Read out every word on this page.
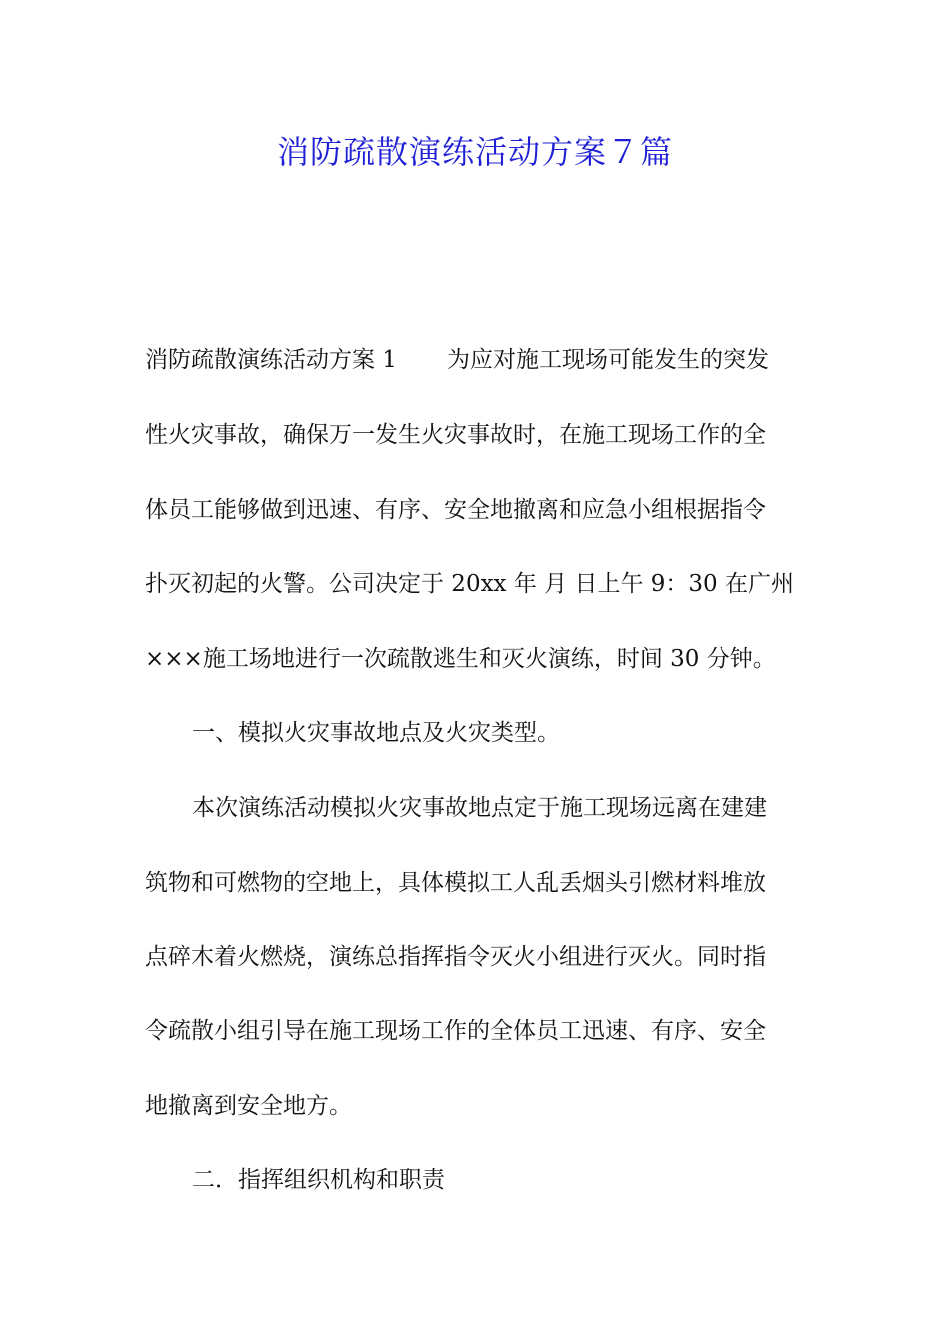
消防疏散演练活动方案７篇
消防疏散演练活动方案 1 为应对施工现场可能发生的突发
性火灾事故，确保万一发生火灾事故时，在施工现场工作的全
体员工能够做到迅速、有序、安全地撤离和应急小组根据指令
扑灭初起的火警。公司决定于 20xx 年 月 日上午 9：30 在广州
×××施工场地进行一次疏散逃生和灭火演练，时间 30 分钟。
一、模拟火灾事故地点及火灾类型。
本次演练活动模拟火灾事故地点定于施工现场远离在建建
筑物和可燃物的空地上，具体模拟工人乱丢烟头引燃材料堆放
点碎木着火燃烧，演练总指挥指令灭火小组进行灭火。同时指
令疏散小组引导在施工现场工作的全体员工迅速、有序、安全
地撤离到安全地方。
二．指挥组织机构和职责
